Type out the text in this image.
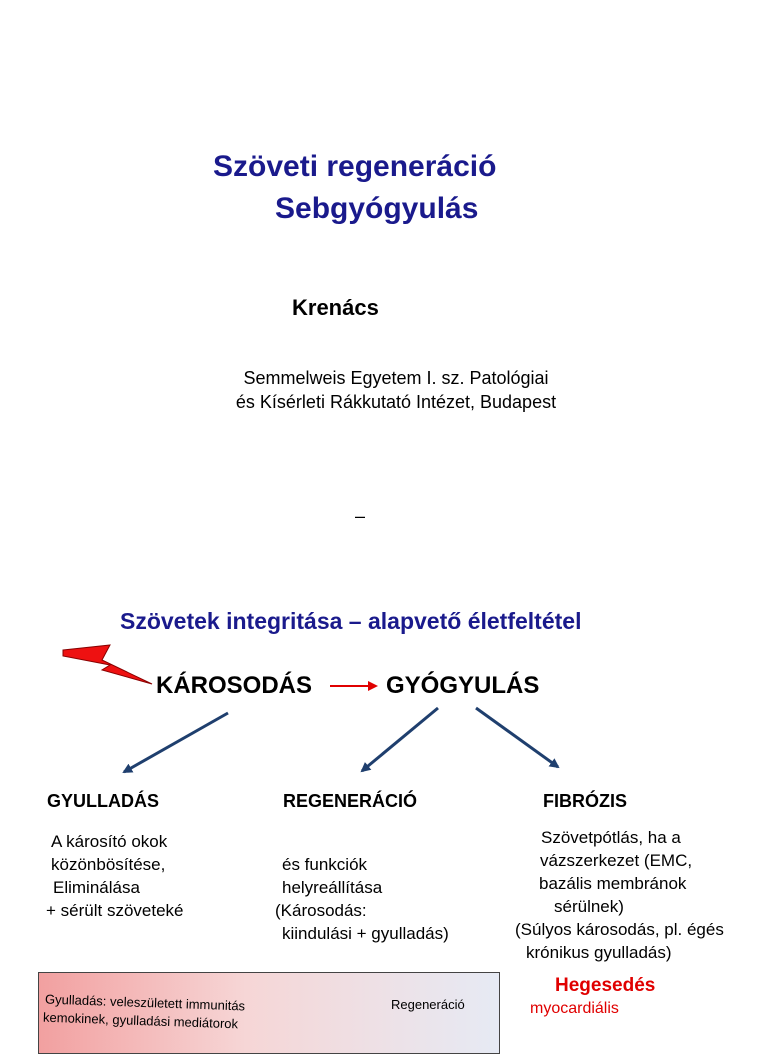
Szöveti regeneráció
Sebgyógyulás
Krenács
Semmelweis Egyetem I. sz. Patológiai
és Kísérleti Rákkutató Intézet, Budapest
–
Szövetek integritása – alapvető életfeltétel
KÁROSODÁS	GYÓGYULÁS
GYULLADÁS
A károsító okok
közönbösítése,
Eliminálása
+ sérült szöveteké
REGENERÁCIÓ
és funkciók
helyreállítása
(Károsodás:
kiindulási + gyulladás)
FIBRÓZIS
Szövetpótlás, ha a
vázszerkezet (EMC,
bazális membránok
sérülnek)
(Súlyos károsodás, pl. égés
krónikus gyulladás)
Hegesedés
myocardiális
Gyulladás: veleszületett immunitás
kemokinek, gyulladási mediátorok
Regeneráció
